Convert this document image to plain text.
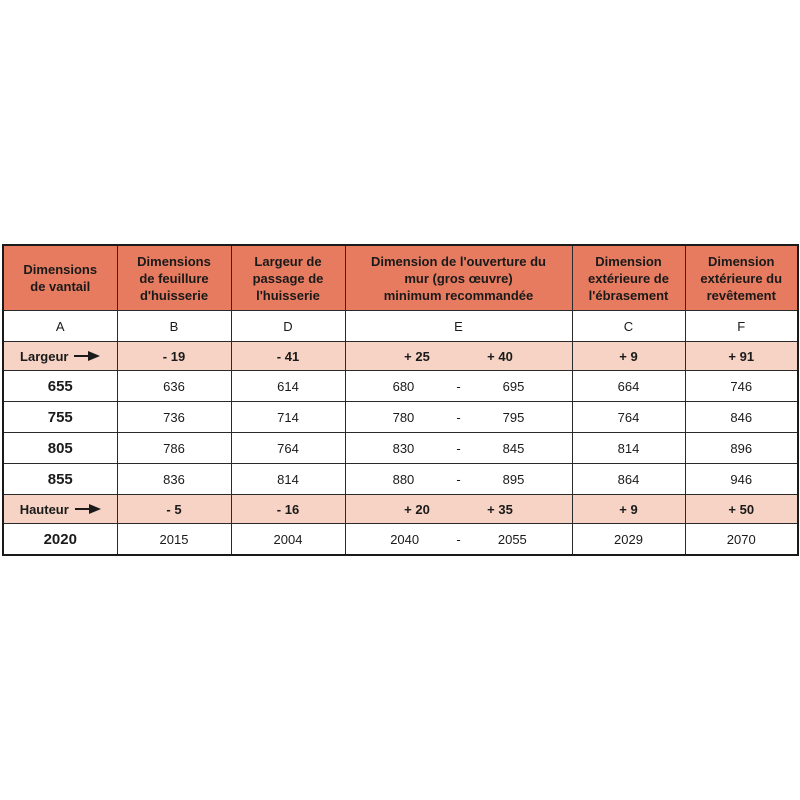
Dimensions
de vantail	Dimensions
de feuillure
d'huisserie	Largeur de
passage de
l'huisserie	Dimension de l'ouverture du
mur (gros œuvre)
minimum recommandée	Dimension
extérieure de
l'ébrasement	Dimension
extérieure du
revêtement

A	B	D	E	C	F

Largeur	- 19	- 41	+ 25 + 40	+ 9	+ 91
655	636	614	680 - 695	664	746
755	736	714	780 - 795	764	846
805	786	764	830 - 845	814	896
855	836	814	880 - 895	864	946

Hauteur	- 5	- 16	+ 20 + 35	+ 9	+ 50
2020	2015	2004	2040 - 2055	2029	2070
